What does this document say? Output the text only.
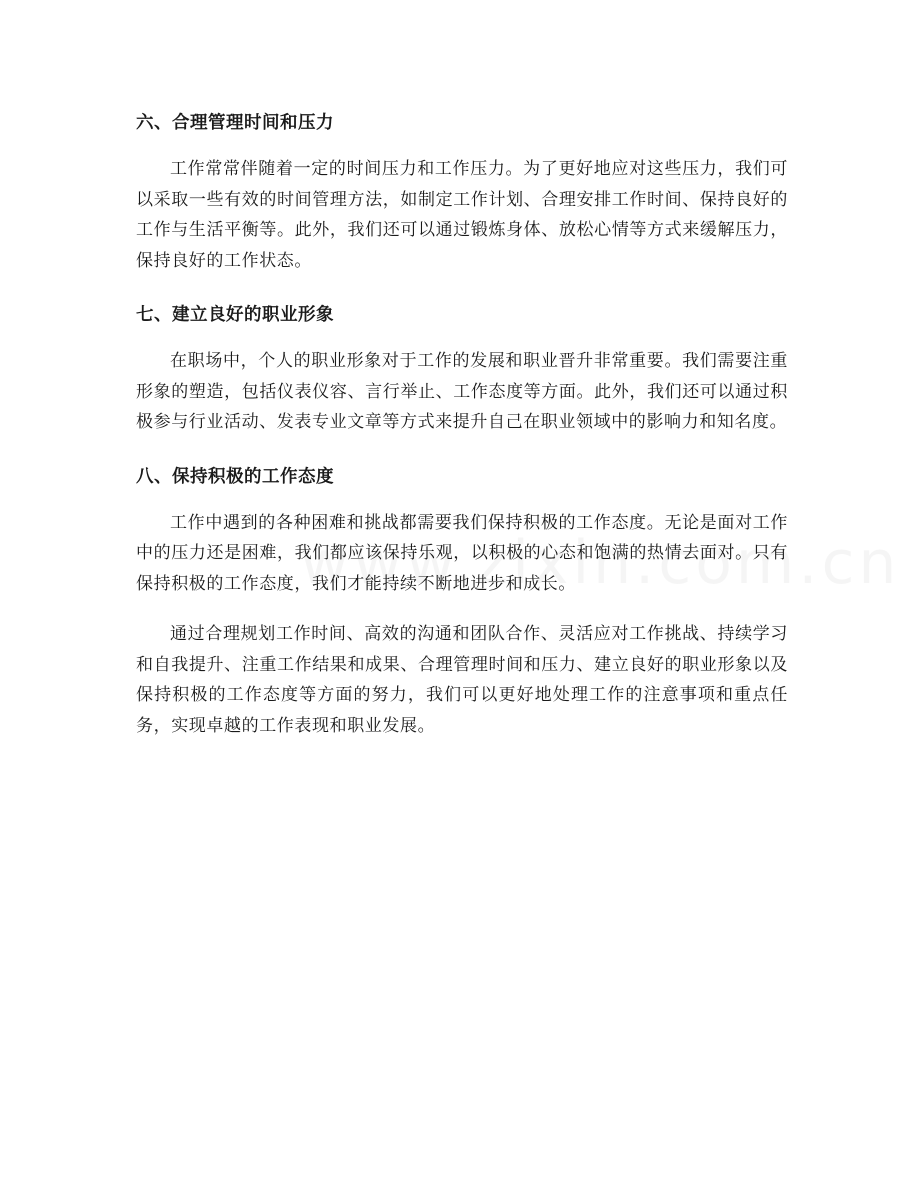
六、合理管理时间和压力

工作常常伴随着一定的时间压力和工作压力。为了更好地应对这些压力，我们可以采取一些有效的时间管理方法，如制定工作计划、合理安排工作时间、保持良好的工作与生活平衡等。此外，我们还可以通过锻炼身体、放松心情等方式来缓解压力，保持良好的工作状态。

七、建立良好的职业形象

在职场中，个人的职业形象对于工作的发展和职业晋升非常重要。我们需要注重形象的塑造，包括仪表仪容、言行举止、工作态度等方面。此外，我们还可以通过积极参与行业活动、发表专业文章等方式来提升自己在职业领域中的影响力和知名度。

八、保持积极的工作态度

工作中遇到的各种困难和挑战都需要我们保持积极的工作态度。无论是面对工作中的压力还是困难，我们都应该保持乐观，以积极的心态和饱满的热情去面对。只有保持积极的工作态度，我们才能持续不断地进步和成长。

通过合理规划工作时间、高效的沟通和团队合作、灵活应对工作挑战、持续学习和自我提升、注重工作结果和成果、合理管理时间和压力、建立良好的职业形象以及保持积极的工作态度等方面的努力，我们可以更好地处理工作的注意事项和重点任务，实现卓越的工作表现和职业发展。
